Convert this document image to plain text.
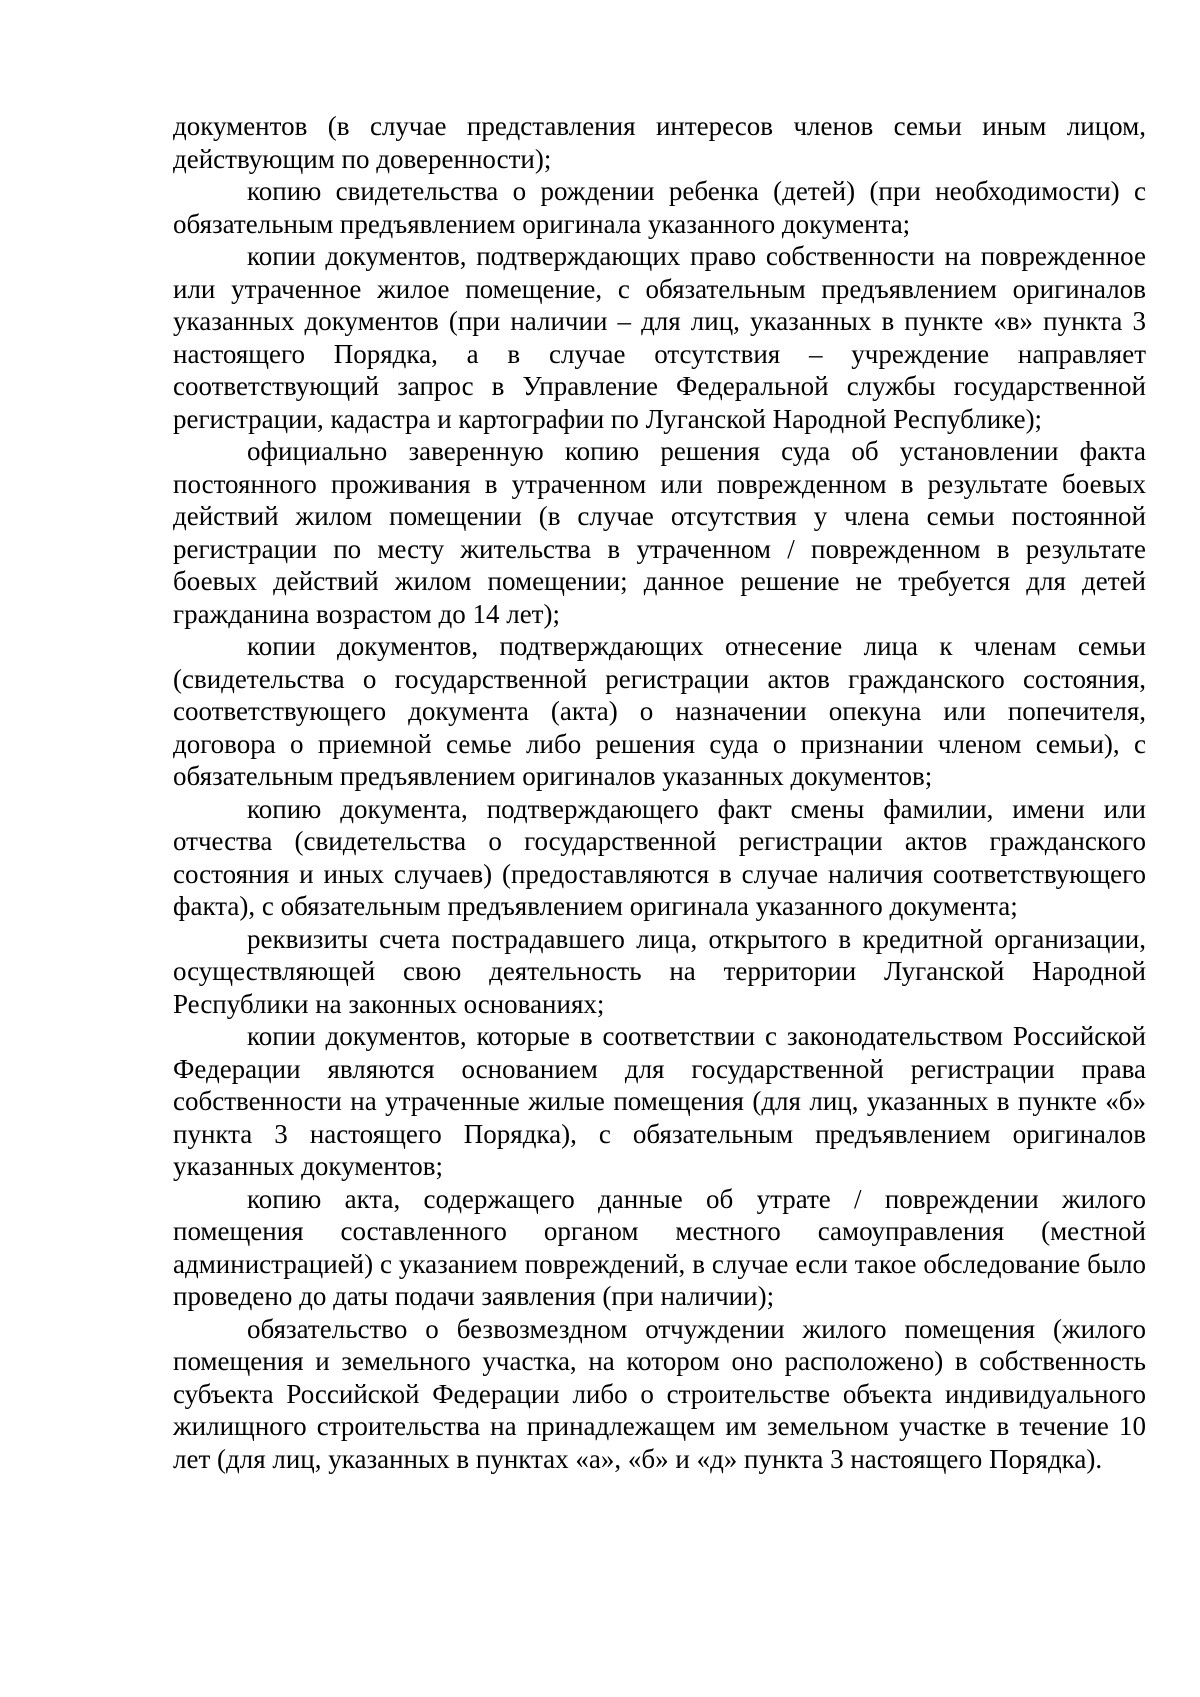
документов (в случае представления интересов членов семьи иным лицом, действующим по доверенности);

копию свидетельства о рождении ребенка (детей) (при необходимости) с обязательным предъявлением оригинала указанного документа;

копии документов, подтверждающих право собственности на поврежденное или утраченное жилое помещение, с обязательным предъявлением оригиналов указанных документов (при наличии – для лиц, указанных в пункте «в» пункта 3 настоящего Порядка, а в случае отсутствия – учреждение направляет соответствующий запрос в Управление Федеральной службы государственной регистрации, кадастра и картографии по Луганской Народной Республике);

официально заверенную копию решения суда об установлении факта постоянного проживания в утраченном или поврежденном в результате боевых действий жилом помещении (в случае отсутствия у члена семьи постоянной регистрации по месту жительства в утраченном / поврежденном в результате боевых действий жилом помещении; данное решение не требуется для детей гражданина возрастом до 14 лет);

копии документов, подтверждающих отнесение лица к членам семьи (свидетельства о государственной регистрации актов гражданского состояния, соответствующего документа (акта) о назначении опекуна или попечителя, договора о приемной семье либо решения суда о признании членом семьи), с обязательным предъявлением оригиналов указанных документов;

копию документа, подтверждающего факт смены фамилии, имени или отчества (свидетельства о государственной регистрации актов гражданского состояния и иных случаев) (предоставляются в случае наличия соответствующего факта), с обязательным предъявлением оригинала указанного документа;

реквизиты счета пострадавшего лица, открытого в кредитной организации, осуществляющей свою деятельность на территории Луганской Народной Республики на законных основаниях;

копии документов, которые в соответствии с законодательством Российской Федерации являются основанием для государственной регистрации права собственности на утраченные жилые помещения (для лиц, указанных в пункте «б» пункта 3 настоящего Порядка), с обязательным предъявлением оригиналов указанных документов;

копию акта, содержащего данные об утрате / повреждении жилого помещения составленного органом местного самоуправления (местной администрацией) с указанием повреждений, в случае если такое обследование было проведено до даты подачи заявления (при наличии);

обязательство о безвозмездном отчуждении жилого помещения (жилого помещения и земельного участка, на котором оно расположено) в собственность субъекта Российской Федерации либо о строительстве объекта индивидуального жилищного строительства на принадлежащем им земельном участке в течение 10 лет (для лиц, указанных в пунктах «а», «б» и «д» пункта 3 настоящего Порядка).
